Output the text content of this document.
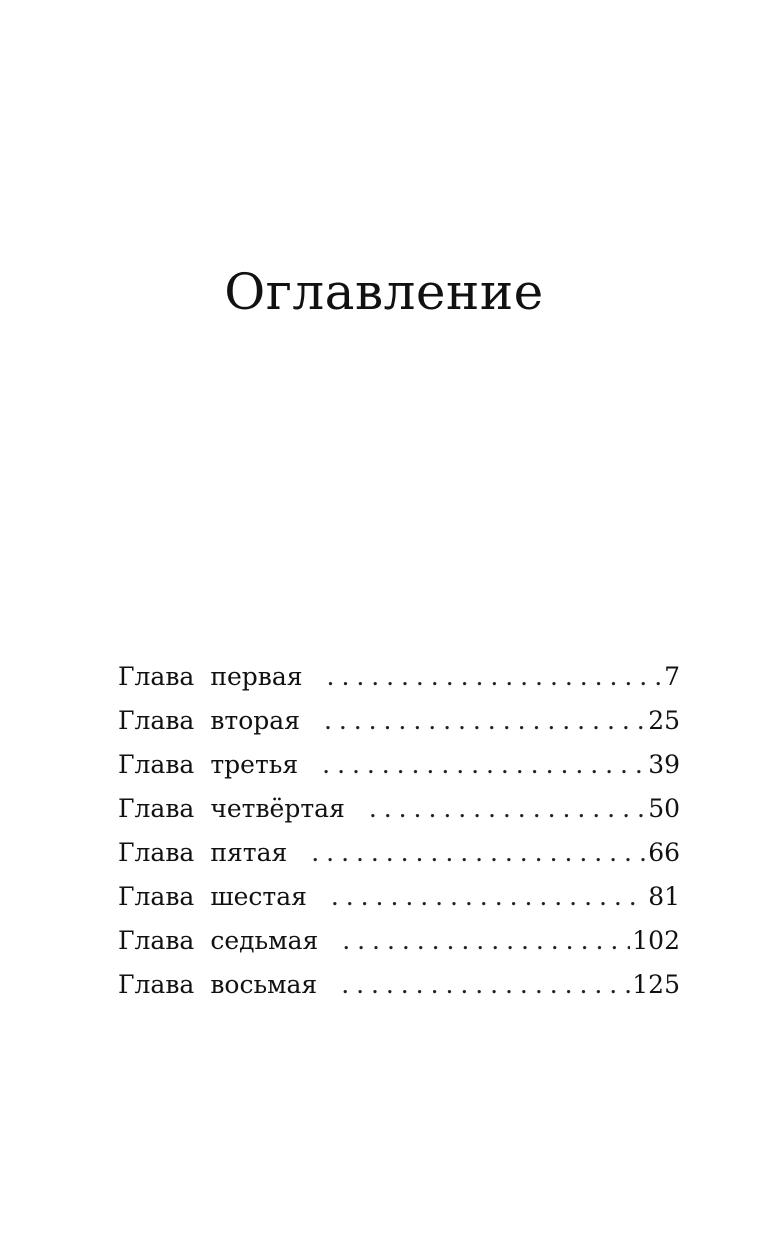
Оглавление
Глава первая . . .	7
Глава вторая . . .	25
Глава третья . . .	39
Глава четвёртая . . .	50
Глава пятая . . .	66
Глава шестая . . .	81
Глава седьмая . . .	102
Глава восьмая . . .	125
